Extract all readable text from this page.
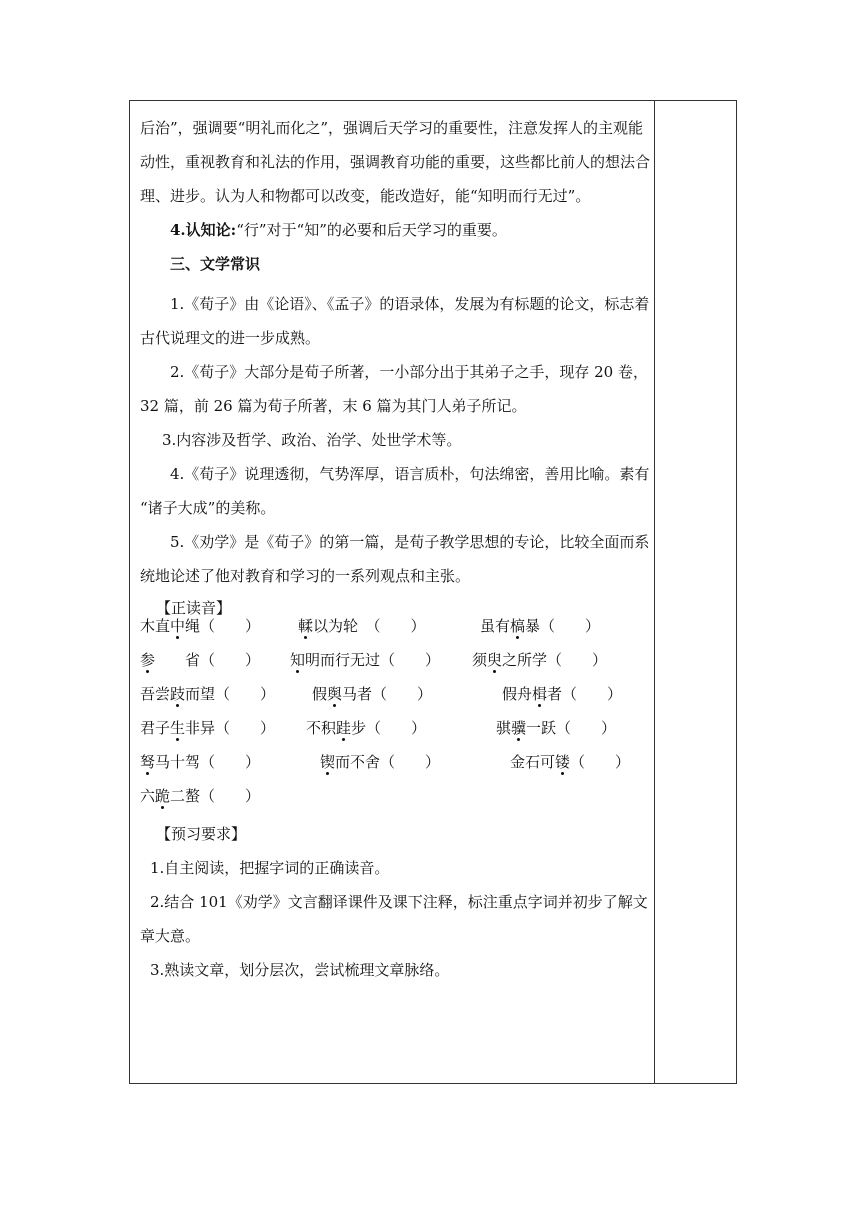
后治”，强调要“明礼而化之”，强调后天学习的重要性，注意发挥人的主观能
动性，重视教育和礼法的作用，强调教育功能的重要，这些都比前人的想法合
理、进步。认为人和物都可以改变，能改造好，能“知明而行无过”。
4.认知论:“行”对于“知”的必要和后天学习的重要。
三、文学常识
1.《荀子》由《论语》、《孟子》的语录体，发展为有标题的论文，标志着
古代说理文的进一步成熟。
2.《荀子》大部分是荀子所著，一小部分出于其弟子之手，现存 20 卷，
32 篇，前 26 篇为荀子所著，末 6 篇为其门人弟子所记。
3.内容涉及哲学、政治、治学、处世学术等。
4.《荀子》说理透彻，气势浑厚，语言质朴，句法绵密，善用比喻。素有
“诸子大成”的美称。
5.《劝学》是《荀子》的第一篇，是荀子教学思想的专论，比较全面而系
统地论述了他对教育和学习的一系列观点和主张。
【正读音】
木直中绳（　　）	輮以为轮　（　　）	虽有槁暴（　　）
参　　省（　　） 知明而行无过（　　） 须臾之所学（　　）
吾尝跂而望（　　） 假舆马者（　　）	假舟楫者（　　）
君子生非异（　　） 不积跬步（　　）	骐骥一跃（　　）
驽马十驾（　　）	锲而不舍（　　）	金石可镂（　　）
六跪二螯（　　）
【预习要求】
1.自主阅读，把握字词的正确读音。
2.结合 101《劝学》文言翻译课件及课下注释，标注重点字词并初步了解文
章大意。
3.熟读文章，划分层次，尝试梳理文章脉络。
